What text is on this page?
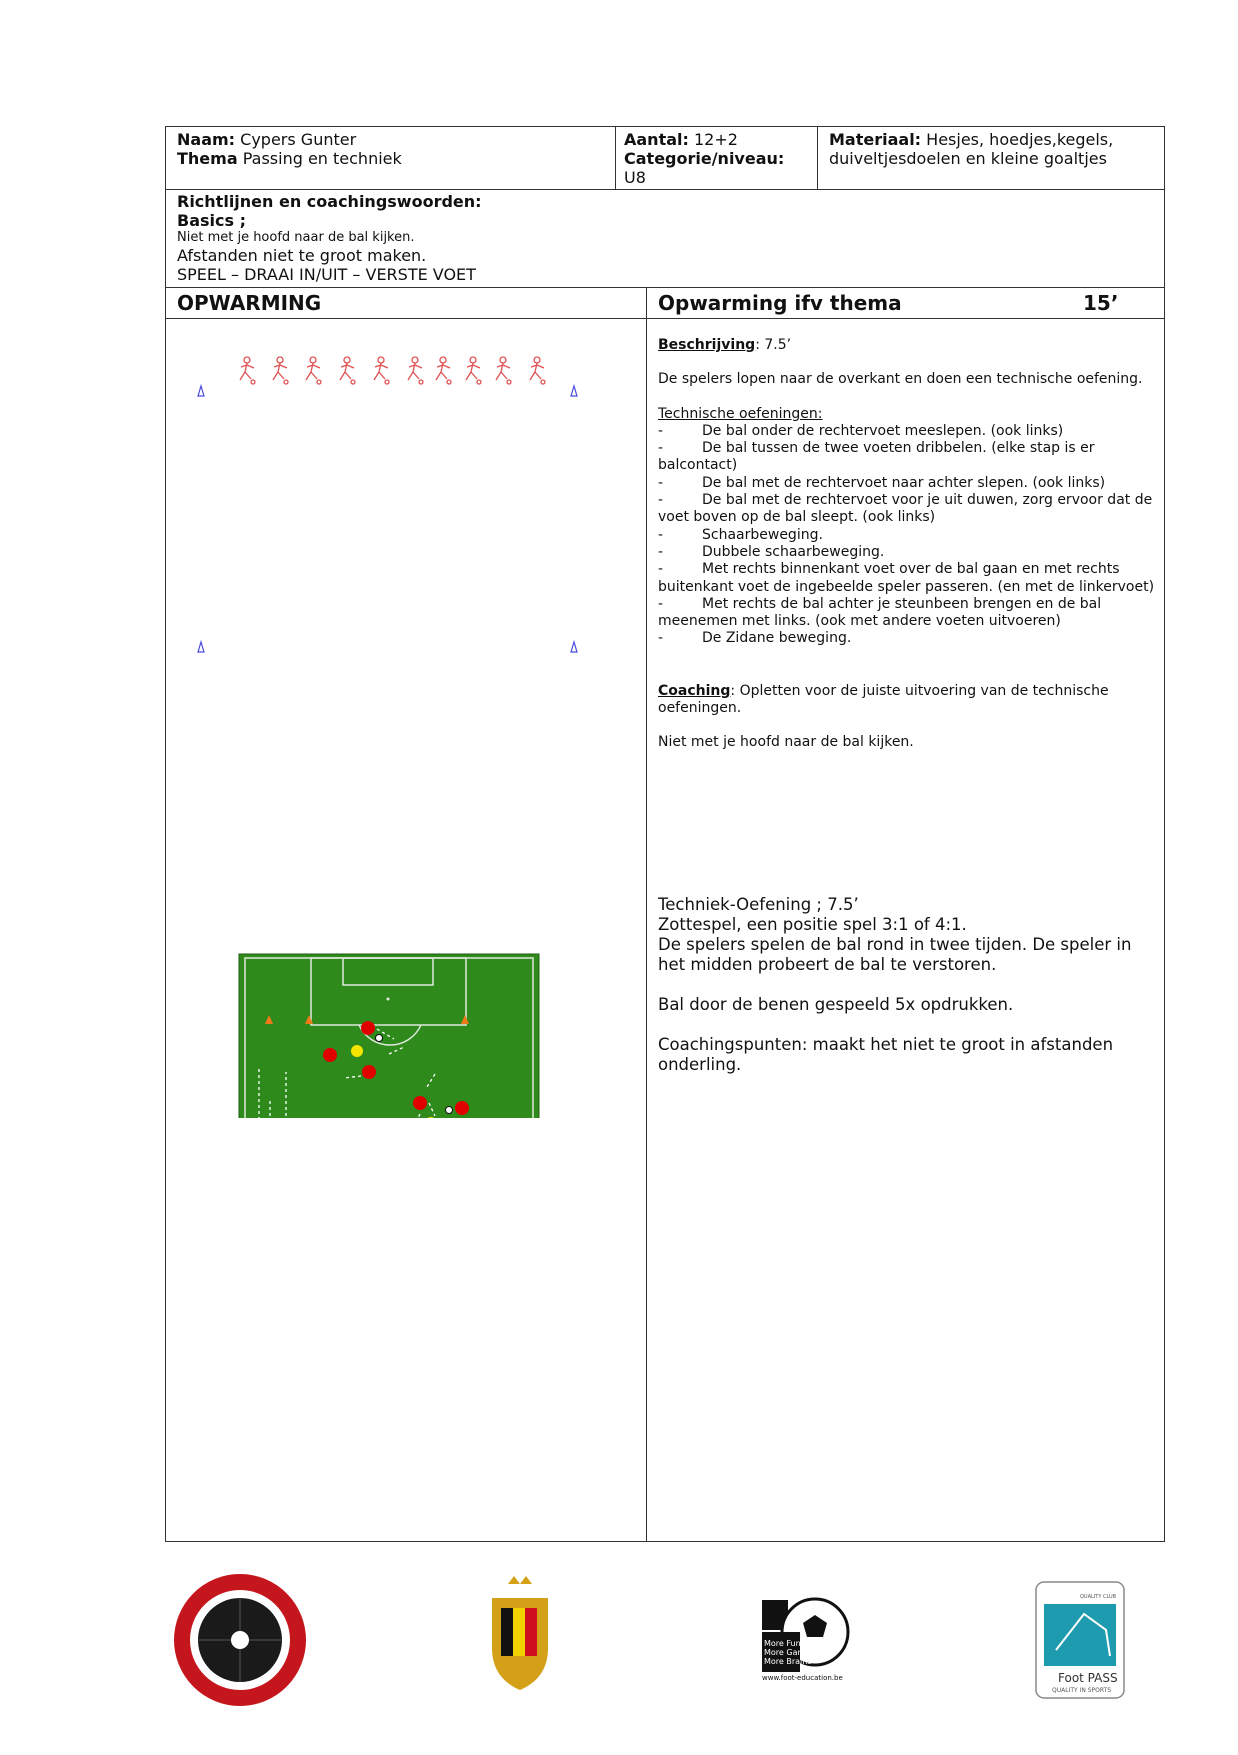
Naam: Cypers Gunter
Thema Passing en techniek
Aantal: 12+2
Categorie/niveau:
U8
Materiaal: Hesjes, hoedjes,kegels, duiveltjesdoelen en kleine goaltjes
Richtlijnen en coachingswoorden:
Basics ;
Niet met je hoofd naar de bal kijken.
Afstanden niet te groot maken.
SPEEL – DRAAI IN/UIT – VERSTE VOET
OPWARMING	Opwarming ifv thema	15’

Beschrijving: 7.5’

De spelers lopen naar de overkant en doen een technische oefening.

Technische oefeningen:

-	De bal onder de rechtervoet meeslepen. (ook links)
-	De bal tussen de twee voeten dribbelen. (elke stap is er balcontact)
-	De bal met de rechtervoet naar achter slepen. (ook links)
-	De bal met de rechtervoet voor je uit duwen, zorg ervoor dat de voet boven op de bal sleept. (ook links)
-	Schaarbeweging.
-	Dubbele schaarbeweging.
-	Met rechts binnenkant voet over de bal gaan en met rechts buitenkant voet de ingebeelde speler passeren. (en met de linkervoet)
-	Met rechts de bal achter je steunbeen brengen en de bal meenemen met links. (ook met andere voeten uitvoeren)
-	De Zidane beweging.

Coaching: Opletten voor de juiste uitvoering van de technische oefeningen.

Niet met je hoofd naar de bal kijken.

Techniek-Oefening ; 7.5’
Zottespel, een positie spel 3:1 of 4:1.
De spelers spelen de bal rond in twee tijden. De speler in het midden probeert de bal te verstoren.
Bal door de benen gespeeld 5x opdrukken.
Coachingspunten: maakt het niet te groot in afstanden onderling.
More Fun
More Games
More Brains
www.foot-education.be	Foot PASS
QUALITY IN SPORTS
QUALITY CLUB
